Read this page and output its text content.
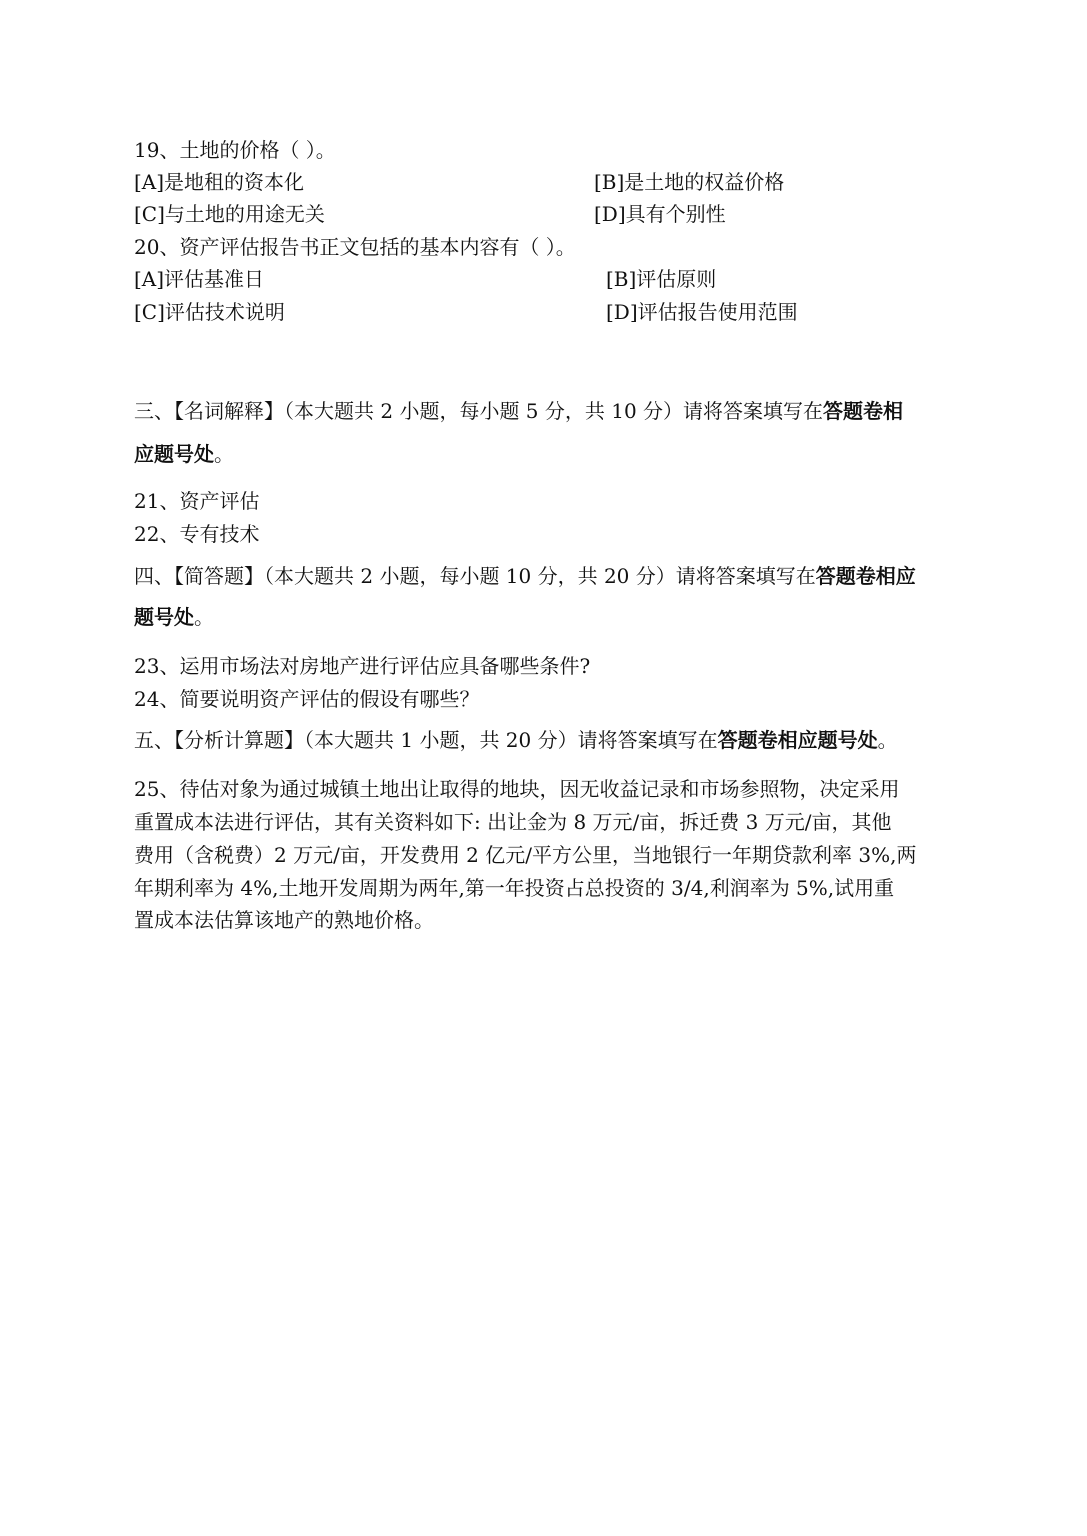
19、土地的价格（ ）。
[A]是地租的资本化	[B]是土地的权益价格
[C]与土地的用途无关	[D]具有个别性
20、资产评估报告书正文包括的基本内容有（ ）。
[A]评估基准日	[B]评估原则
[C]评估技术说明	[D]评估报告使用范围
三、【名词解释】（本大题共 2 小题，每小题 5 分，共 10 分）请将答案填写在答题卷相
应题号处。
21、资产评估
22、专有技术
四、【简答题】（本大题共 2 小题，每小题 10 分，共 20 分）请将答案填写在答题卷相应
题号处。
23、运用市场法对房地产进行评估应具备哪些条件?
24、简要说明资产评估的假设有哪些？
五、【分析计算题】（本大题共 1 小题，共 20 分）请将答案填写在答题卷相应题号处。
25、待估对象为通过城镇土地出让取得的地块，因无收益记录和市场参照物，决定采用
重置成本法进行评估，其有关资料如下: 出让金为 8 万元/亩，拆迁费 3 万元/亩，其他
费用（含税费）2 万元/亩，开发费用 2 亿元/平方公里，当地银行一年期贷款利率 3%,两
年期利率为 4%,土地开发周期为两年,第一年投资占总投资的 3/4,利润率为 5%,试用重
置成本法估算该地产的熟地价格。
